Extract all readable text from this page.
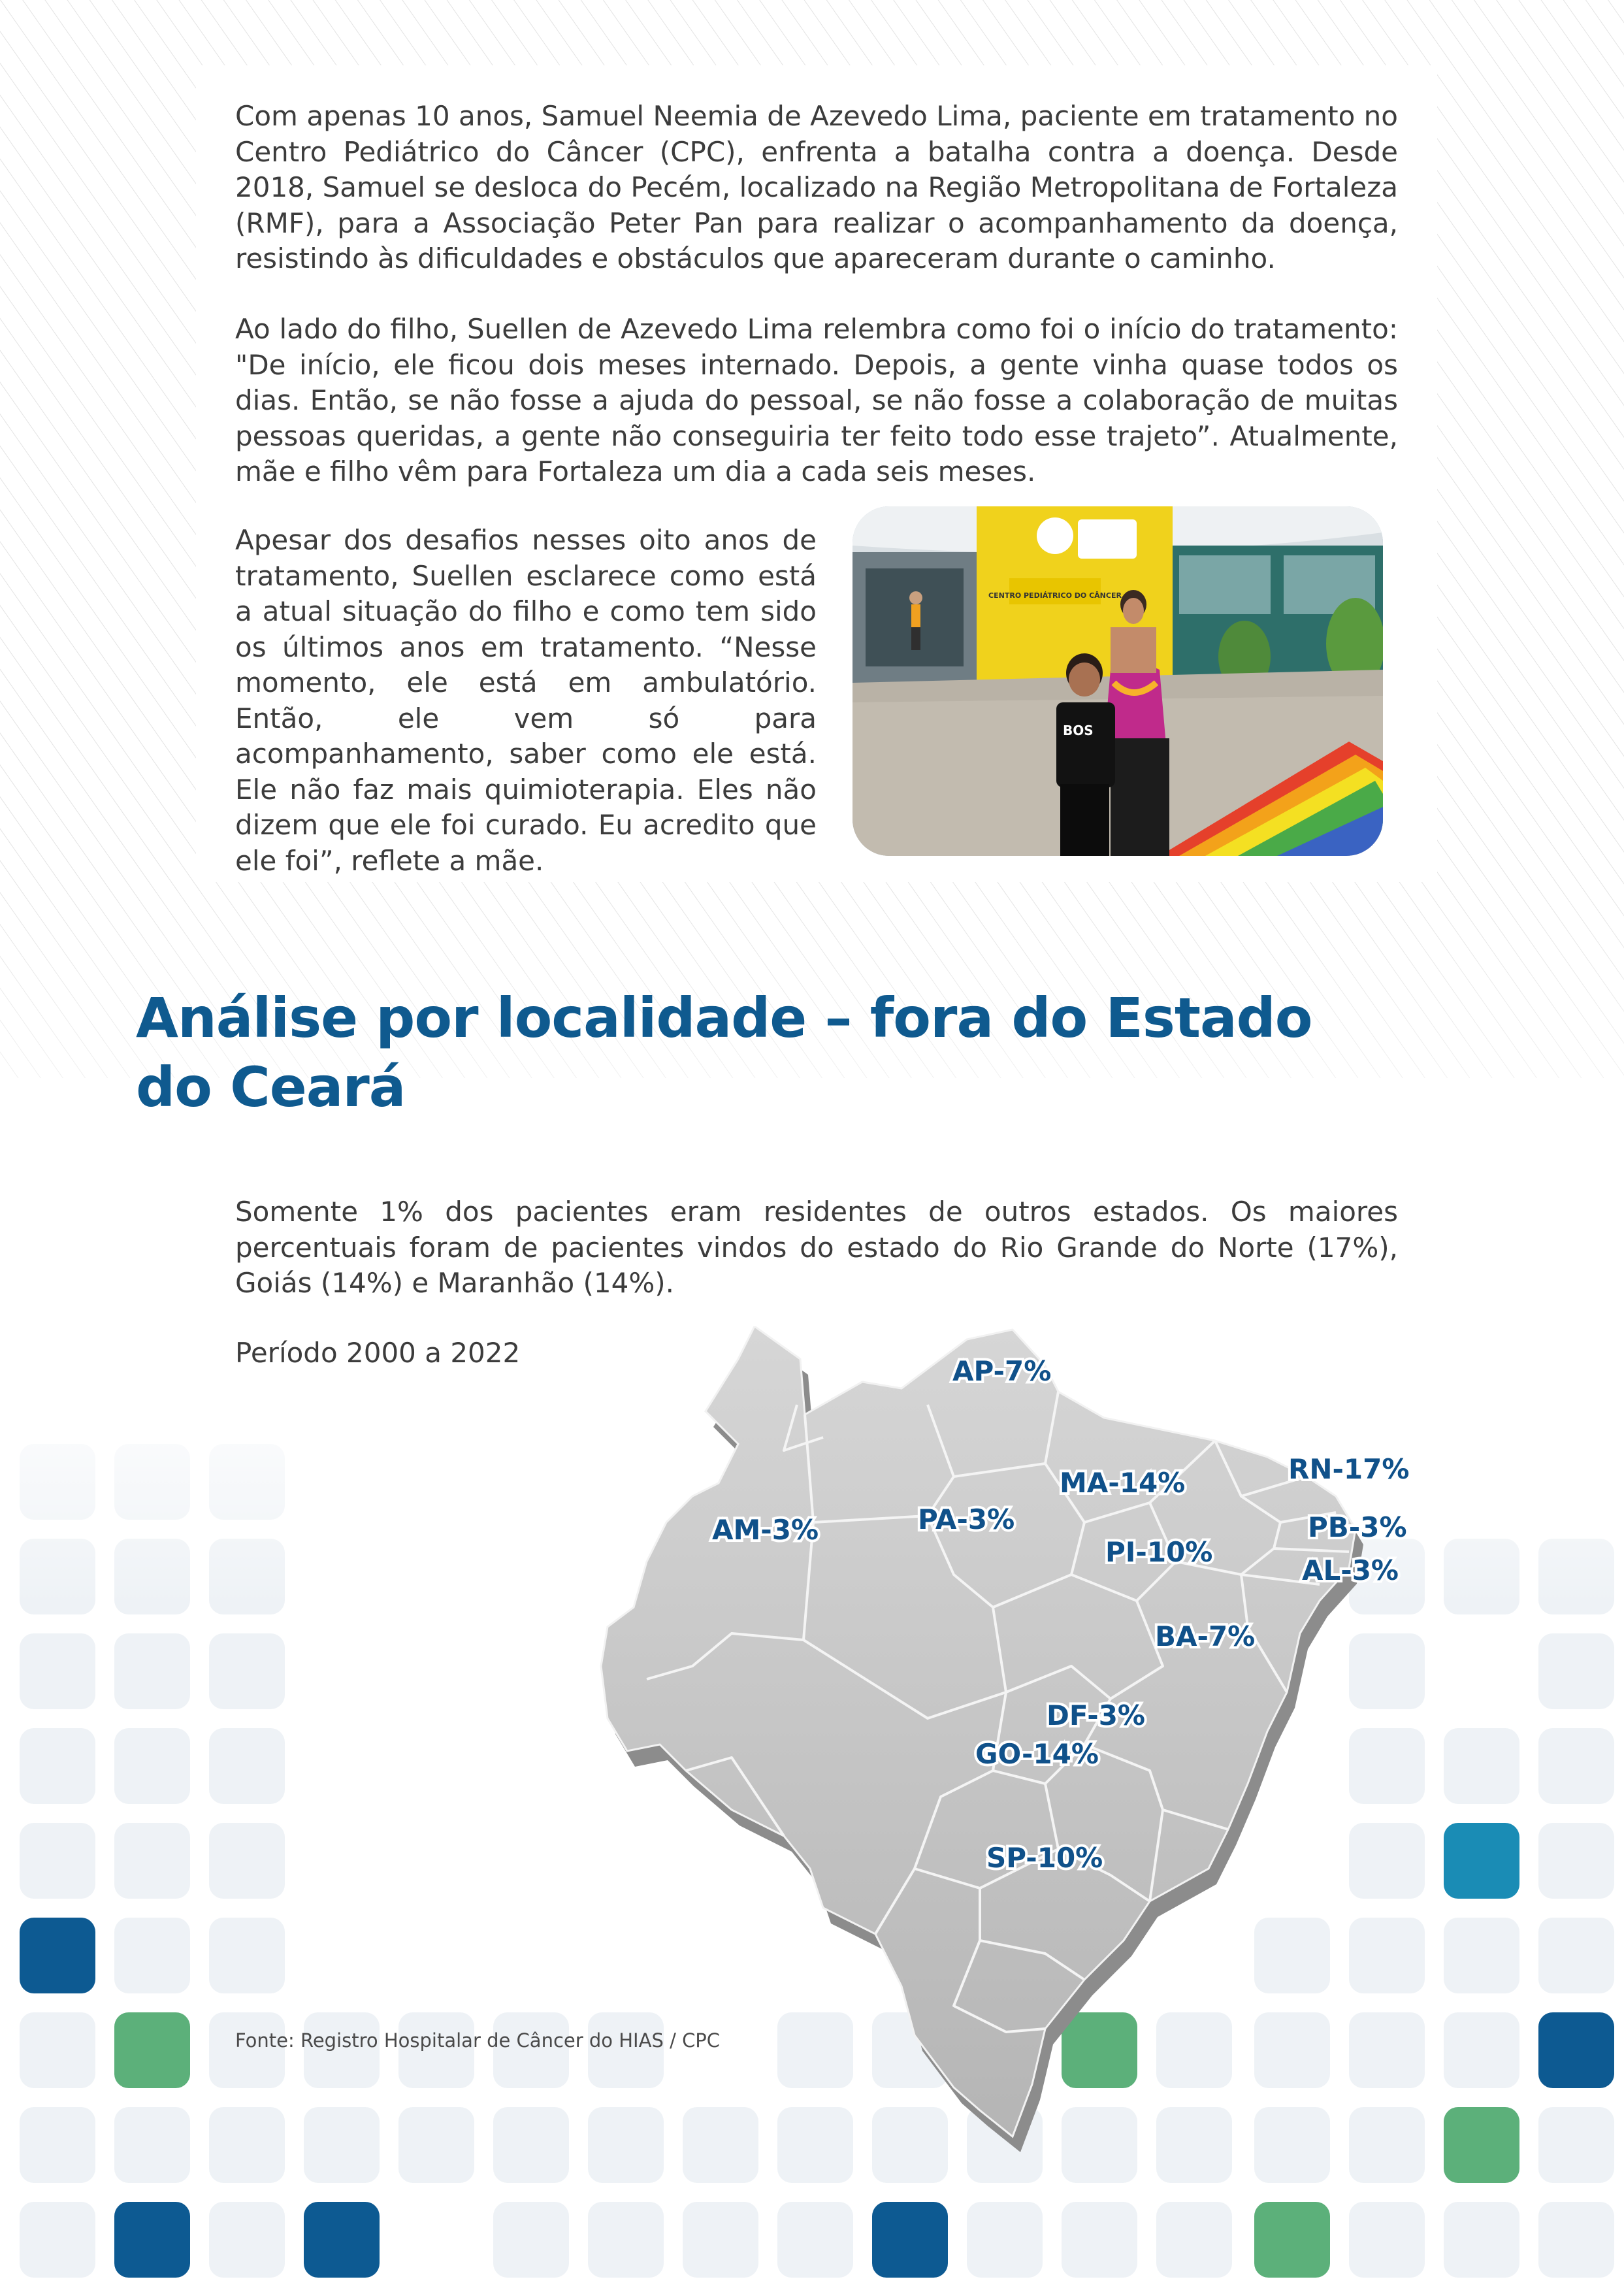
Com apenas 10 anos, Samuel Neemia de Azevedo Lima, paciente em tratamento no Centro Pediátrico do Câncer (CPC), enfrenta a batalha contra a doença. Desde 2018, Samuel se desloca do Pecém, localizado na Região Metropolitana de Fortaleza (RMF), para a Associação Peter Pan para realizar o acompanhamento da doença, resistindo às dificuldades e obstáculos que apareceram durante o caminho.

Ao lado do filho, Suellen de Azevedo Lima relembra como foi o início do tratamento: "De início, ele ficou dois meses internado. Depois, a gente vinha quase todos os dias. Então, se não fosse a ajuda do pessoal, se não fosse a colaboração de muitas pessoas queridas, a gente não conseguiria ter feito todo esse trajeto”. Atualmente, mãe e filho vêm para Fortaleza um dia a cada seis meses.

Apesar dos desafios nesses oito anos de tratamento, Suellen esclarece como está a atual situação do filho e como tem sido os últimos anos em tratamento. “Nesse momento, ele está em ambulatório. Então, ele vem só para acompanhamento, saber como ele está. Ele não faz mais quimioterapia. Eles não dizem que ele foi curado. Eu acredito que ele foi”, reflete a mãe.

CENTRO PEDIÁTRICO DO CÂNCER
BOS
Análise por localidade – fora do Estado
do Ceará

Somente 1% dos pacientes eram residentes de outros estados. Os maiores percentuais foram de pacientes vindos do estado do Rio Grande do Norte (17%), Goiás (14%) e Maranhão (14%).

Período 2000 a 2022

AP-7%
AM-3%	PA-3%
MA-14%	RN-17%
PB-3%
PI-10%
AL-3%
BA-7%
DF-3%
GO-14%
SP-10%

Fonte: Registro Hospitalar de Câncer do HIAS / CPC
